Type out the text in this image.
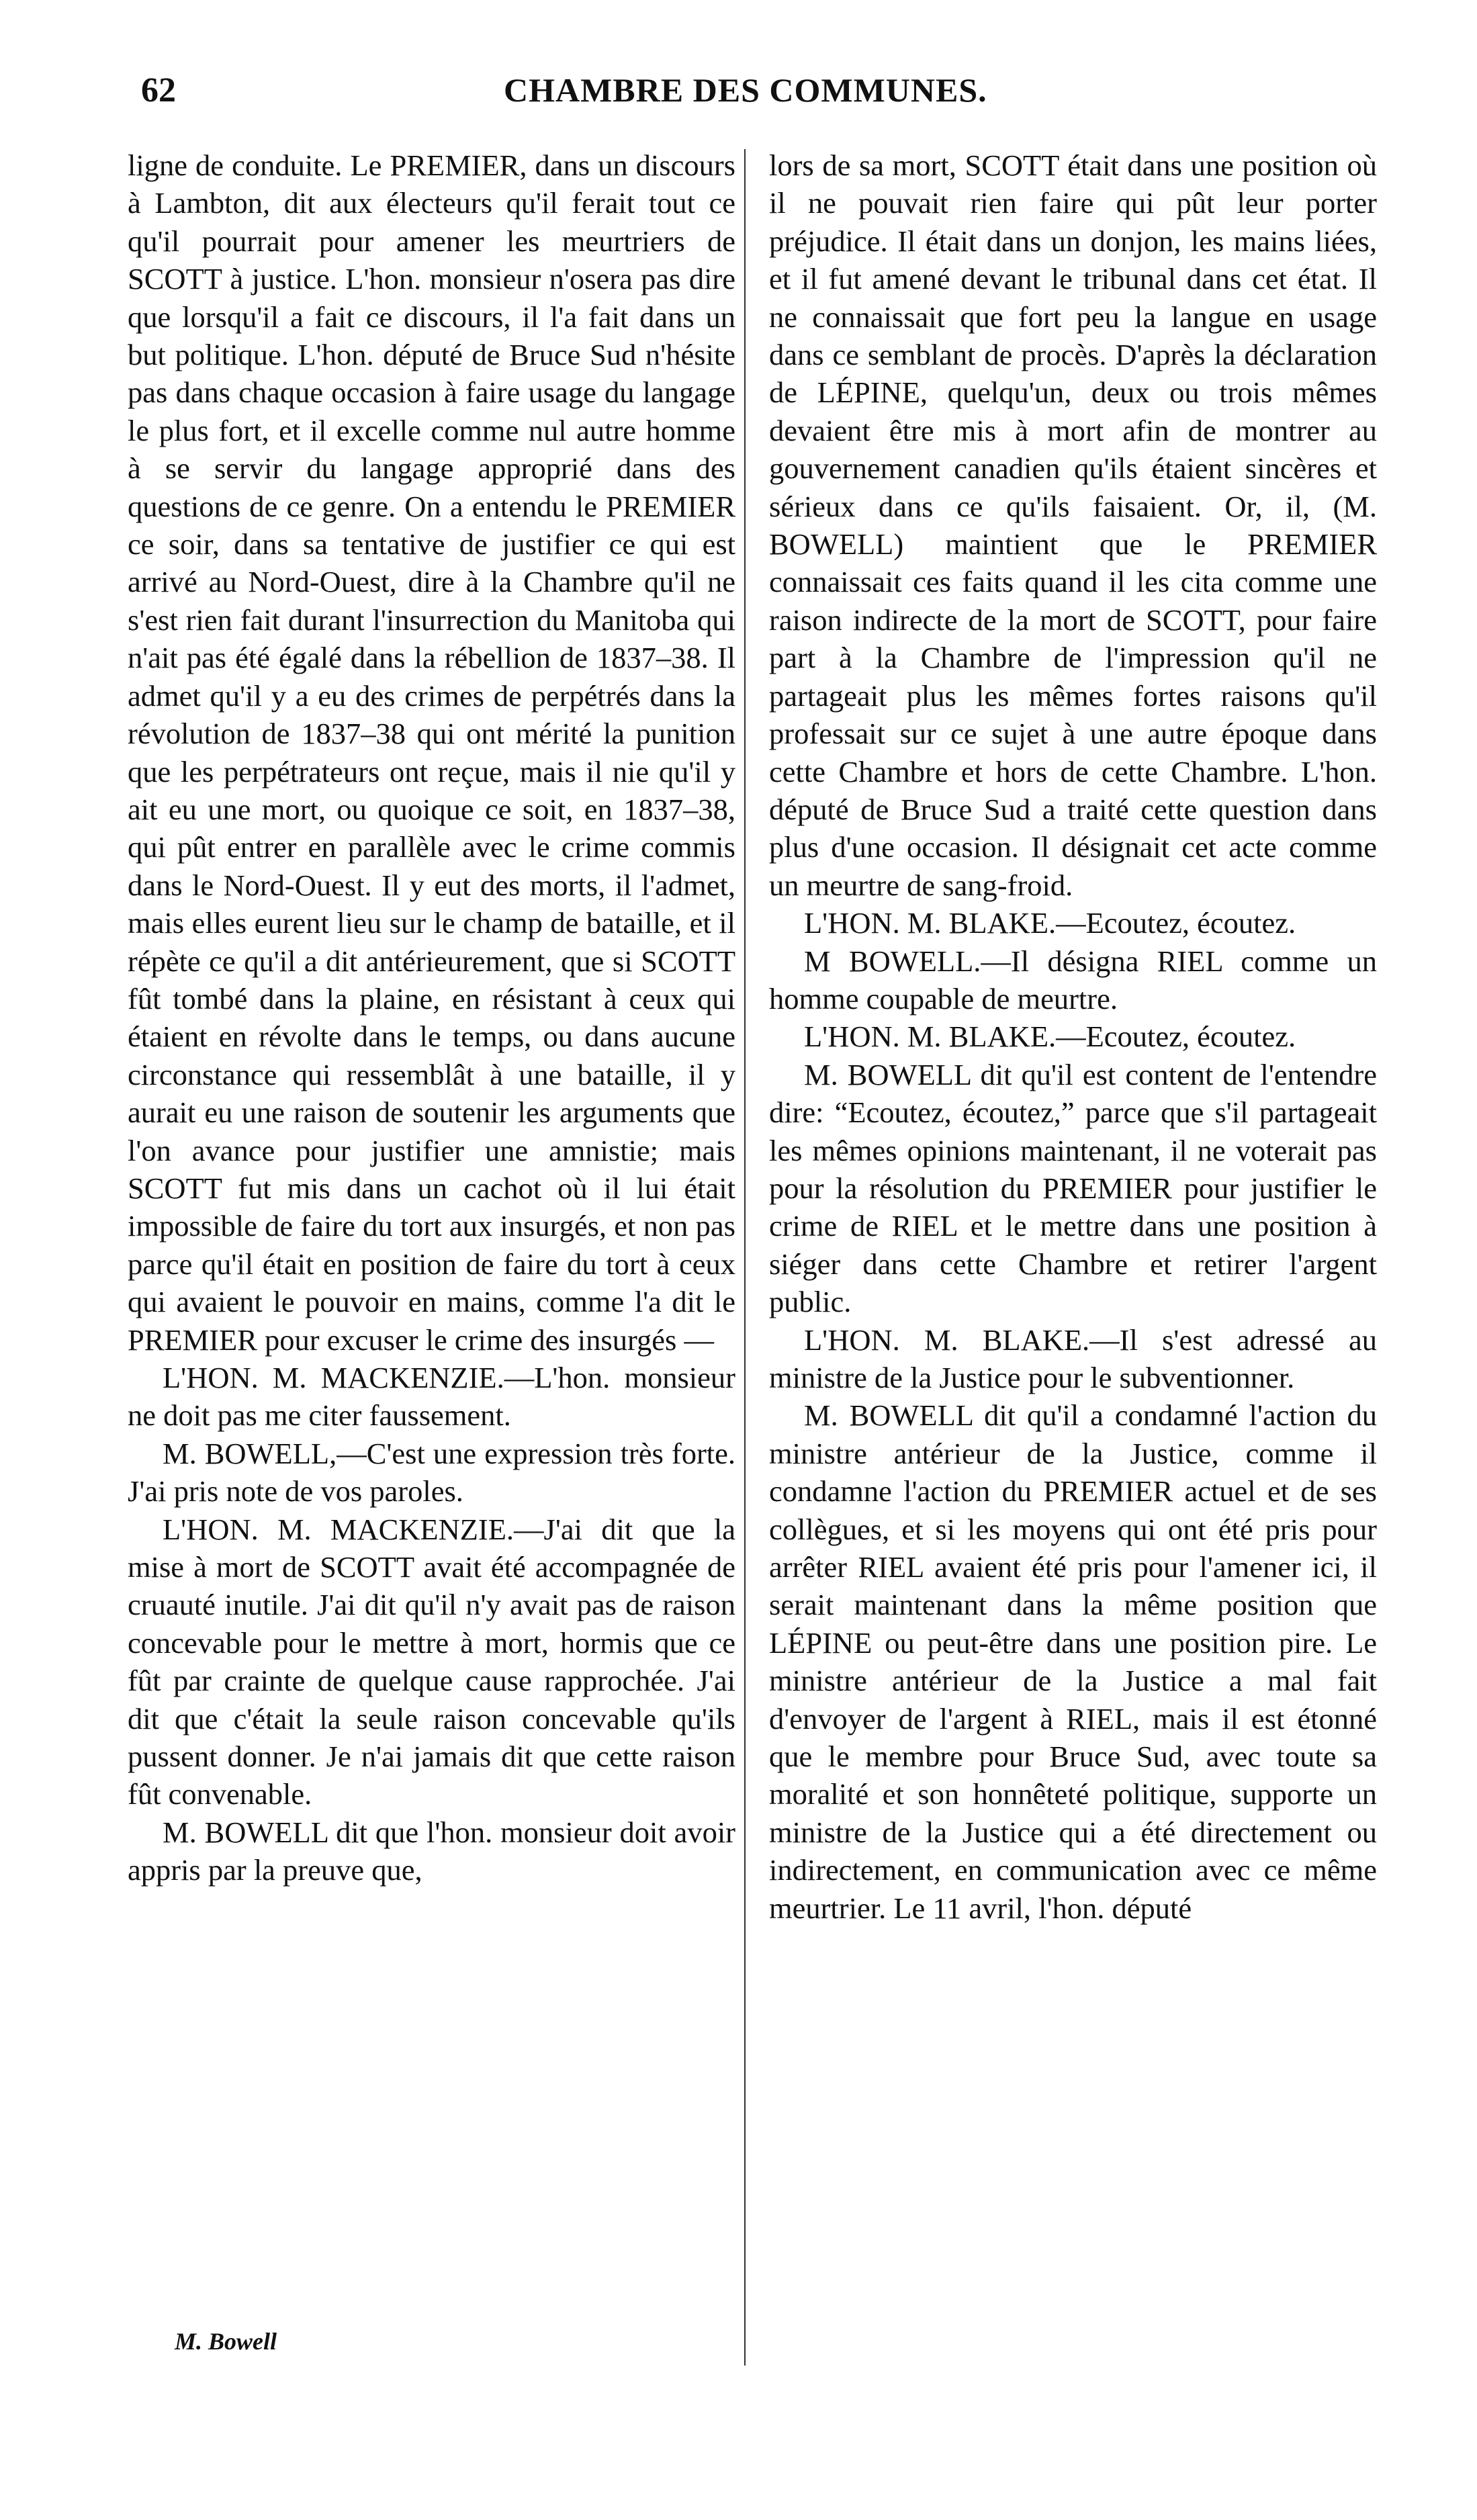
62	CHAMBRE DES COMMUNES.

ligne de conduite. Le PREMIER, dans un discours à Lambton, dit aux électeurs qu'il ferait tout ce qu'il pourrait pour amener les meurtriers de SCOTT à justice. L'hon. monsieur n'osera pas dire que lorsqu'il a fait ce discours, il l'a fait dans un but politique. L'hon. député de Bruce Sud n'hésite pas dans chaque occasion à faire usage du langage le plus fort, et il excelle comme nul autre homme à se servir du langage approprié dans des questions de ce genre. On a entendu le PREMIER ce soir, dans sa tentative de justifier ce qui est arrivé au Nord-Ouest, dire à la Chambre qu'il ne s'est rien fait durant l'insurrection du Manitoba qui n'ait pas été égalé dans la rébellion de 1837–38. Il admet qu'il y a eu des crimes de perpétrés dans la révolution de 1837–38 qui ont mérité la punition que les perpétrateurs ont reçue, mais il nie qu'il y ait eu une mort, ou quoique ce soit, en 1837–38, qui pût entrer en parallèle avec le crime commis dans le Nord-Ouest. Il y eut des morts, il l'admet, mais elles eurent lieu sur le champ de bataille, et il répète ce qu'il a dit antérieurement, que si SCOTT fût tombé dans la plaine, en résistant à ceux qui étaient en révolte dans le temps, ou dans aucune circonstance qui ressemblât à une bataille, il y aurait eu une raison de soutenir les arguments que l'on avance pour justifier une amnistie; mais SCOTT fut mis dans un cachot où il lui était impossible de faire du tort aux insurgés, et non pas parce qu'il était en position de faire du tort à ceux qui avaient le pouvoir en mains, comme l'a dit le PREMIER pour excuser le crime des insurgés —

L'HON. M. MACKENZIE.—L'hon. monsieur ne doit pas me citer faussement.

M. BOWELL,—C'est une expression très forte. J'ai pris note de vos paroles.

L'HON. M. MACKENZIE.—J'ai dit que la mise à mort de SCOTT avait été accompagnée de cruauté inutile. J'ai dit qu'il n'y avait pas de raison concevable pour le mettre à mort, hormis que ce fût par crainte de quelque cause rapprochée. J'ai dit que c'était la seule raison concevable qu'ils pussent donner. Je n'ai jamais dit que cette raison fût convenable.

M. BOWELL dit que l'hon. monsieur doit avoir appris par la preuve que,

lors de sa mort, SCOTT était dans une position où il ne pouvait rien faire qui pût leur porter préjudice. Il était dans un donjon, les mains liées, et il fut amené devant le tribunal dans cet état. Il ne connaissait que fort peu la langue en usage dans ce semblant de procès. D'après la déclaration de LÉPINE, quelqu'un, deux ou trois mêmes devaient être mis à mort afin de montrer au gouvernement canadien qu'ils étaient sincères et sérieux dans ce qu'ils faisaient. Or, il, (M. BOWELL) maintient que le PREMIER connaissait ces faits quand il les cita comme une raison indirecte de la mort de SCOTT, pour faire part à la Chambre de l'impression qu'il ne partageait plus les mêmes fortes raisons qu'il professait sur ce sujet à une autre époque dans cette Chambre et hors de cette Chambre. L'hon. député de Bruce Sud a traité cette question dans plus d'une occasion. Il désignait cet acte comme un meurtre de sang-froid.

L'HON. M. BLAKE.—Ecoutez, écoutez.

M BOWELL.—Il désigna RIEL comme un homme coupable de meurtre.

L'HON. M. BLAKE.—Ecoutez, écoutez.

M. BOWELL dit qu'il est content de l'entendre dire: “Ecoutez, écoutez,” parce que s'il partageait les mêmes opinions maintenant, il ne voterait pas pour la résolution du PREMIER pour justifier le crime de RIEL et le mettre dans une position à siéger dans cette Chambre et retirer l'argent public.

L'HON. M. BLAKE.—Il s'est adressé au ministre de la Justice pour le subventionner.

M. BOWELL dit qu'il a condamné l'action du ministre antérieur de la Justice, comme il condamne l'action du PREMIER actuel et de ses collègues, et si les moyens qui ont été pris pour arrêter RIEL avaient été pris pour l'amener ici, il serait maintenant dans la même position que LÉPINE ou peut-être dans une position pire. Le ministre antérieur de la Justice a mal fait d'envoyer de l'argent à RIEL, mais il est étonné que le membre pour Bruce Sud, avec toute sa moralité et son honnêteté politique, supporte un ministre de la Justice qui a été directement ou indirectement, en communication avec ce même meurtrier. Le 11 avril, l'hon. député

M. Bowell
